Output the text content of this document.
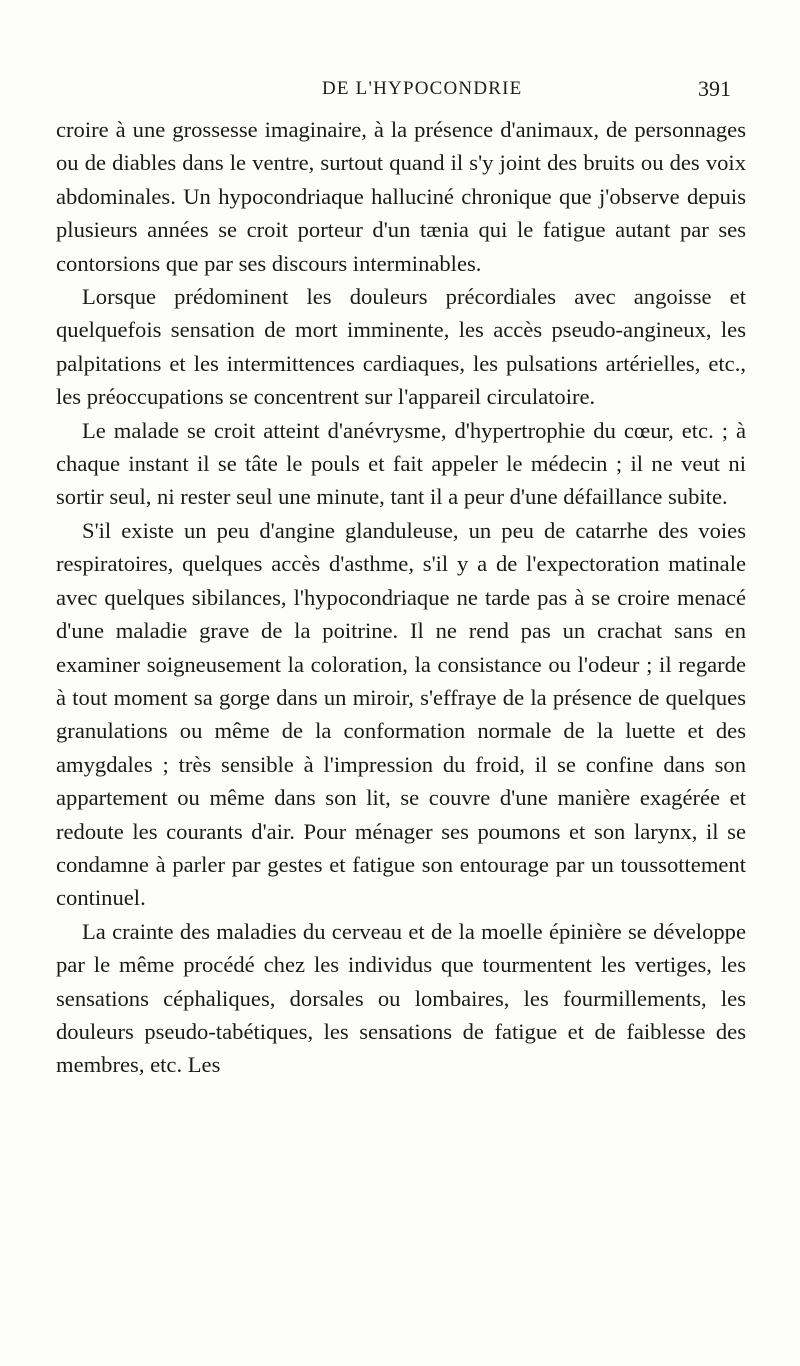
DE L'HYPOCONDRIE	391

croire à une grossesse imaginaire, à la présence d'animaux, de personnages ou de diables dans le ventre, surtout quand il s'y joint des bruits ou des voix abdominales. Un hypocondriaque halluciné chronique que j'observe depuis plusieurs années se croit porteur d'un tænia qui le fatigue autant par ses contorsions que par ses discours interminables.

Lorsque prédominent les douleurs précordiales avec angoisse et quelquefois sensation de mort imminente, les accès pseudo-angineux, les palpitations et les intermittences cardiaques, les pulsations artérielles, etc., les préoccupations se concentrent sur l'appareil circulatoire.

Le malade se croit atteint d'anévrysme, d'hypertrophie du cœur, etc. ; à chaque instant il se tâte le pouls et fait appeler le médecin ; il ne veut ni sortir seul, ni rester seul une minute, tant il a peur d'une défaillance subite.

S'il existe un peu d'angine glanduleuse, un peu de catarrhe des voies respiratoires, quelques accès d'asthme, s'il y a de l'expectoration matinale avec quelques sibilances, l'hypocondriaque ne tarde pas à se croire menacé d'une maladie grave de la poitrine. Il ne rend pas un crachat sans en examiner soigneusement la coloration, la consistance ou l'odeur ; il regarde à tout moment sa gorge dans un miroir, s'effraye de la présence de quelques granulations ou même de la conformation normale de la luette et des amygdales ; très sensible à l'impression du froid, il se confine dans son appartement ou même dans son lit, se couvre d'une manière exagérée et redoute les courants d'air. Pour ménager ses poumons et son larynx, il se condamne à parler par gestes et fatigue son entourage par un toussottement continuel.

La crainte des maladies du cerveau et de la moelle épinière se développe par le même procédé chez les individus que tourmentent les vertiges, les sensations céphaliques, dorsales ou lombaires, les fourmillements, les douleurs pseudo-tabétiques, les sensations de fatigue et de faiblesse des membres, etc. Les
